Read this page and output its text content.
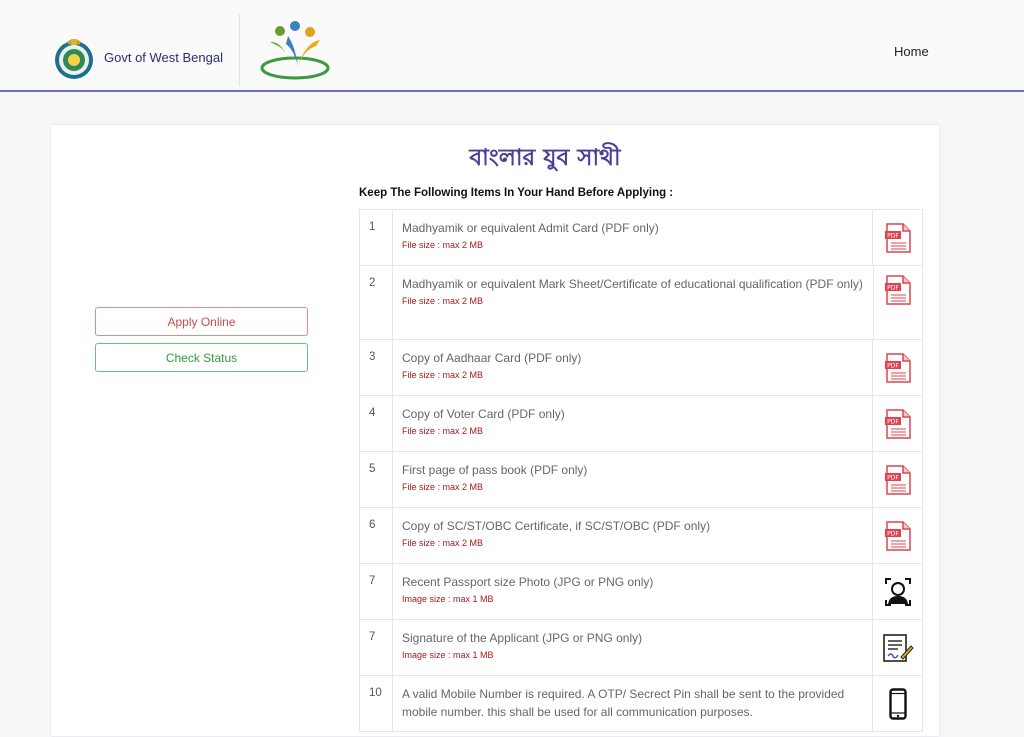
Govt of West Bengal	Home
বাংলার যুব সাথী
Apply Online
Check Status
Keep The Following Items In Your Hand Before Applying :
1	Madhyamik or equivalent Admit Card (PDF only)
File size : max 2 MB
PDF
2	Madhyamik or equivalent Mark Sheet/Certificate of educational qualification (PDF only)
File size : max 2 MB
PDF
3	Copy of Aadhaar Card (PDF only)
File size : max 2 MB
PDF
4	Copy of Voter Card (PDF only)
File size : max 2 MB
PDF
5	First page of pass book (PDF only)
File size : max 2 MB
PDF
6	Copy of SC/ST/OBC Certificate, if SC/ST/OBC (PDF only)
File size : max 2 MB
PDF
7	Recent Passport size Photo (JPG or PNG only)
Image size : max 1 MB
7	Signature of the Applicant (JPG or PNG only)
Image size : max 1 MB
10	A valid Mobile Number is required. A OTP/ Secrect Pin shall be sent to the provided mobile number. this shall be used for all communication purposes.
